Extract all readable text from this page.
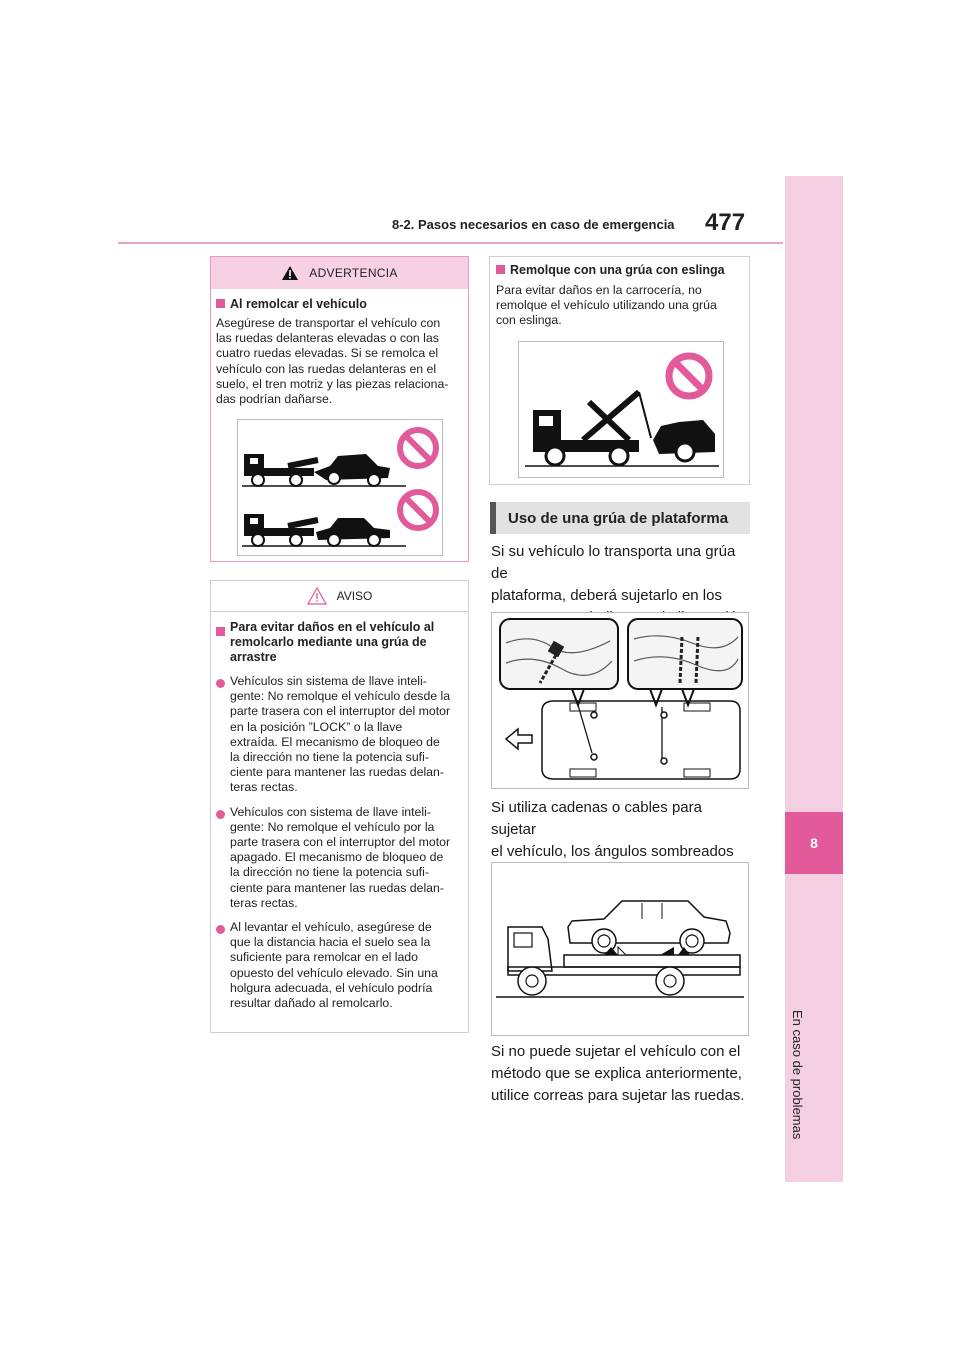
8-2. Pasos necesarios en caso de emergencia 477
8
En caso de problemas
ADVERTENCIA
Al remolcar el vehículo
Asegúrese de transportar el vehículo con
las ruedas delanteras elevadas o con las
cuatro ruedas elevadas. Si se remolca el
vehículo con las ruedas delanteras en el
suelo, el tren motriz y las piezas relaciona-
das podrían dañarse.
AVISO
Para evitar daños en el vehículo al
remolcarlo mediante una grúa de
arrastre
Vehículos sin sistema de llave inteli-
gente: No remolque el vehículo desde la
parte trasera con el interruptor del motor
en la posición ”LOCK” o la llave
extraída. El mecanismo de bloqueo de
la dirección no tiene la potencia sufi-
ciente para mantener las ruedas delan-
teras rectas.
Vehículos con sistema de llave inteli-
gente: No remolque el vehículo por la
parte trasera con el interruptor del motor
apagado. El mecanismo de bloqueo de
la dirección no tiene la potencia sufi-
ciente para mantener las ruedas delan-
teras rectas.
Al levantar el vehículo, asegúrese de
que la distancia hacia el suelo sea la
suficiente para remolcar en el lado
opuesto del vehículo elevado. Sin una
holgura adecuada, el vehículo podría
resultar dañado al remolcarlo.
Remolque con una grúa con eslinga
Para evitar daños en la carrocería, no
remolque el vehículo utilizando una grúa
con eslinga.
Uso de una grúa de plataforma
Si su vehículo lo transporta una grúa de
plataforma, deberá sujetarlo en los
Si utiliza cadenas o cables para sujetar
el vehículo, los ángulos sombreados
Si no puede sujetar el vehículo con el
método que se explica anteriormente,
utilice correas para sujetar las ruedas.
